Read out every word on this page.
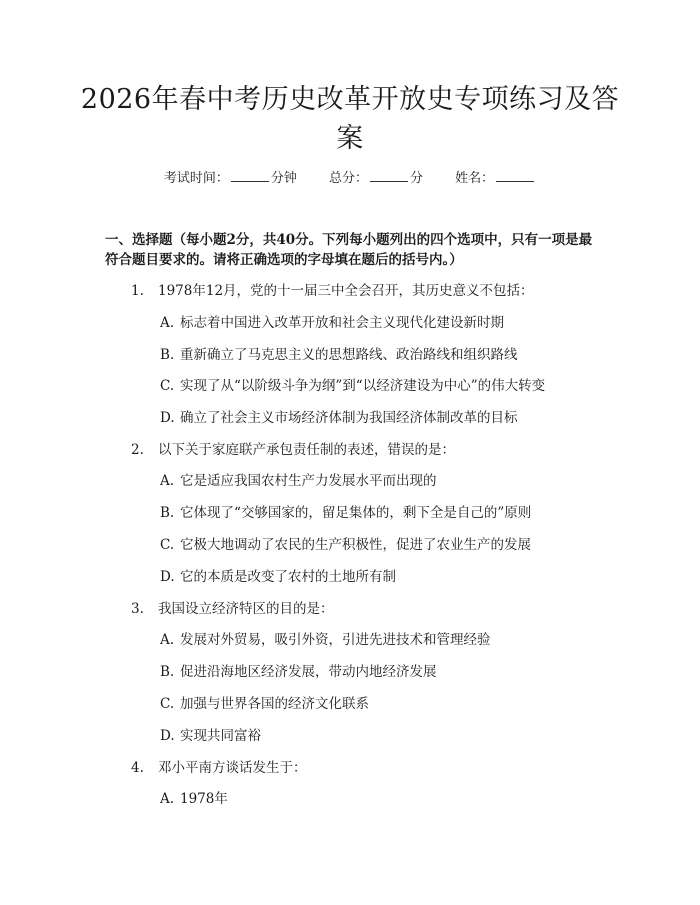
2026年春中考历史改革开放史专项练习及答案
考试时间：	分钟 总分：	分 姓名：
一、选择题（每小题2分，共40分。下列每小题列出的四个选项中，只有一项是最符合题目要求的。请将正确选项的字母填在题后的括号内。）
1. 1978年12月，党的十一届三中全会召开，其历史意义不包括：
A. 标志着中国进入改革开放和社会主义现代化建设新时期
B. 重新确立了马克思主义的思想路线、政治路线和组织路线
C. 实现了从“以阶级斗争为纲”到“以经济建设为中心”的伟大转变
D. 确立了社会主义市场经济体制为我国经济体制改革的目标
2. 以下关于家庭联产承包责任制的表述，错误的是：
A. 它是适应我国农村生产力发展水平而出现的
B. 它体现了“交够国家的，留足集体的，剩下全是自己的”原则
C. 它极大地调动了农民的生产积极性，促进了农业生产的发展
D. 它的本质是改变了农村的土地所有制
3. 我国设立经济特区的目的是：
A. 发展对外贸易，吸引外资，引进先进技术和管理经验
B. 促进沿海地区经济发展，带动内地经济发展
C. 加强与世界各国的经济文化联系
D. 实现共同富裕
4. 邓小平南方谈话发生于：
A. 1978年
